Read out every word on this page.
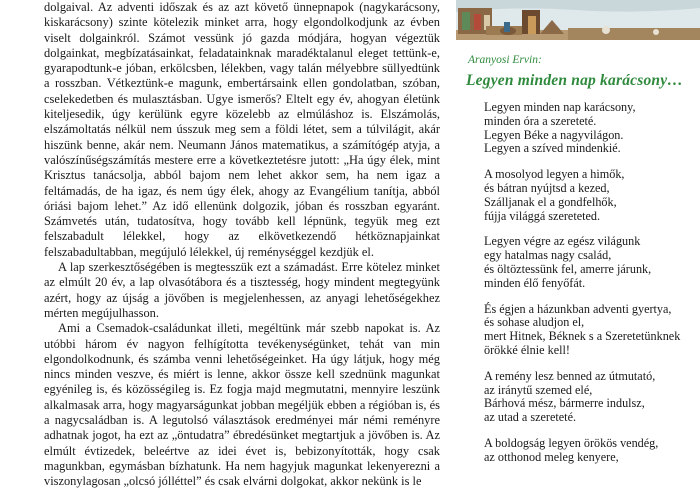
dolgaival. Az adventi időszak és az azt követő ünnepnapok (nagykarácsony, kiskarácsony) szinte kötelezik minket arra, hogy elgondolkodjunk az évben viselt dolgainkról. Számot vessünk jó gazda módjára, hogyan végeztük dolgainkat, megbízatásainkat, feladatainknak maradéktalanul eleget tettünk-e, gyarapodtunk-e jóban, erkölcsben, lélekben, vagy talán mélyebbre süllyedtünk a rosszban. Vétkeztünk-e magunk, embertársaink ellen gondolatban, szóban, cselekedetben és mulasztásban. Ugye ismerős? Eltelt egy év, ahogyan életünk kiteljesedik, úgy kerülünk egyre közelebb az elmúláshoz is. Elszámolás, elszámoltatás nélkül nem ússzuk meg sem a földi létet, sem a túlvilágit, akár hiszünk benne, akár nem. Neumann János matematikus, a számítógép atyja, a valószínűségszámítás mestere erre a következtetésre jutott: „Ha úgy élek, mint Krisztus tanácsolja, abból bajom nem lehet akkor sem, ha nem igaz a feltámadás, de ha igaz, és nem úgy élek, ahogy az Evangélium tanítja, abból óriási bajom lehet.” Az idő ellenünk dolgozik, jóban és rosszban egyaránt. Számvetés után, tudatosítva, hogy tovább kell lépnünk, tegyük meg ezt felszabadult lélekkel, hogy az elkövetkezendő hétköznapjainkat felszabadultabban, megújuló lélekkel, új reménységgel kezdjük el.

A lap szerkesztőségében is megtesszük ezt a számadást. Erre kötelez minket az elmúlt 20 év, a lap olvasótábora és a tisztesség, hogy mindent megtegyünk azért, hogy az újság a jövőben is megjelenhessen, az anyagi lehetőségekhez mérten megújulhasson.

Ami a Csemadok-családunkat illeti, megéltünk már szebb napokat is. Az utóbbi három év nagyon felhígította tevékenységünket, tehát van min elgondolkodnunk, és számba venni lehetőségeinket. Ha úgy látjuk, hogy még nincs minden veszve, és miért is lenne, akkor össze kell szednünk magunkat egyénileg is, és közösségileg is. Ez fogja majd megmutatni, mennyire leszünk alkalmasak arra, hogy magyarságunkat jobban megéljük ebben a régióban is, és a nagycsaládban is. A legutolsó választások eredményei már némi reményre adhatnak jogot, ha ezt az „öntudatra” ébredésünket megtartjuk a jövőben is. Az elmúlt évtizedek, beleértve az idei évet is, bebizonyították, hogy csak magunkban, egymásban bízhatunk. Ha nem hagyjuk magunkat lekenyerezni a viszonylagosan „olcsó jólléttel” és csak elvárni dolgokat, akkor nekünk is le

Aranyosi Ervin:

Legyen minden nap karácsony…

Legyen minden nap karácsony,
minden óra a szereteté.
Legyen Béke a nagyvilágon.
Legyen a szíved mindenkié.
A mosolyod legyen a himők,
és bátran nyújtsd a kezed,
Szálljanak el a gondfelhők,
fújja világgá szereteted.
Legyen végre az egész világunk
egy hatalmas nagy család,
és öltöztessünk fel, amerre járunk,
minden élő fenyőfát.
És égjen a házunkban adventi gyertya,
és sohase aludjon el,
mert Hitnek, Béknek s a Szeretetünknek
örökké élnie kell!
A remény lesz benned az útmutató,
az iránytű szemed elé,
Bárhová mész, bármerre indulsz,
az utad a szereteté.
A boldogság legyen örökös vendég,
az otthonod meleg kenyere,
